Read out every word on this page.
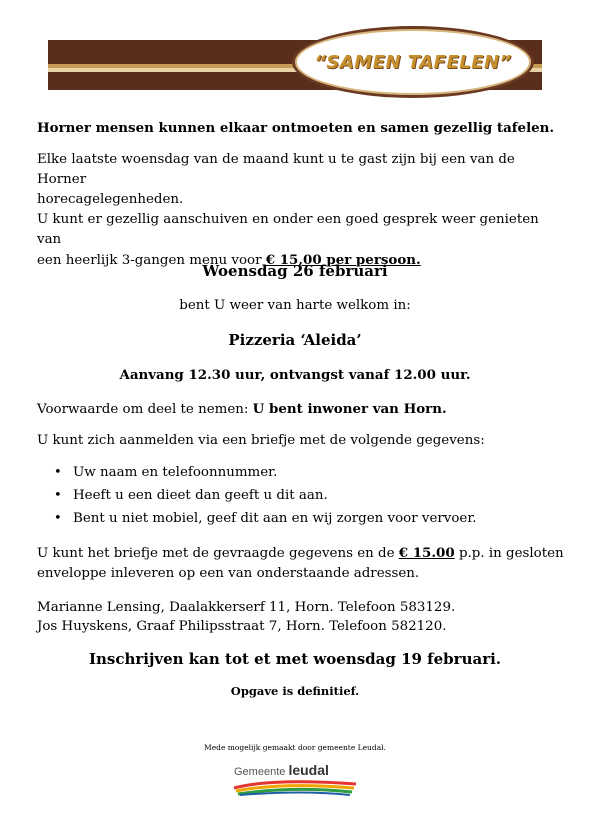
“SAMEN TAFELEN”

Horner mensen kunnen elkaar ontmoeten en samen gezellig tafelen.

Elke laatste woensdag van de maand kunt u te gast zijn bij een van de Horner

horecagelegenheden.

U kunt er gezellig aanschuiven en onder een goed gesprek weer genieten van

een heerlijk 3-gangen menu voor € 15,00 per persoon.

Woensdag 26 februari

bent U weer van harte welkom in:

Pizzeria ‘Aleida’

Aanvang 12.30 uur, ontvangst vanaf 12.00 uur.

Voorwaarde om deel te nemen: U bent inwoner van Horn.

U kunt zich aanmelden via een briefje met de volgende gegevens:

• Uw naam en telefoonnummer.
• Heeft u een dieet dan geeft u dit aan.
• Bent u niet mobiel, geef dit aan en wij zorgen voor vervoer.

U kunt het briefje met de gevraagde gegevens en de € 15.00 p.p. in gesloten

enveloppe inleveren op een van onderstaande adressen.

Marianne Lensing, Daalakkerserf 11, Horn. Telefoon 583129.

Jos Huyskens, Graaf Philipsstraat 7, Horn. Telefoon 582120.

Inschrijven kan tot et met woensdag 19 februari.

Opgave is definitief.

Mede mogelijk gemaakt door gemeente Leudal.

Gemeente leudal
